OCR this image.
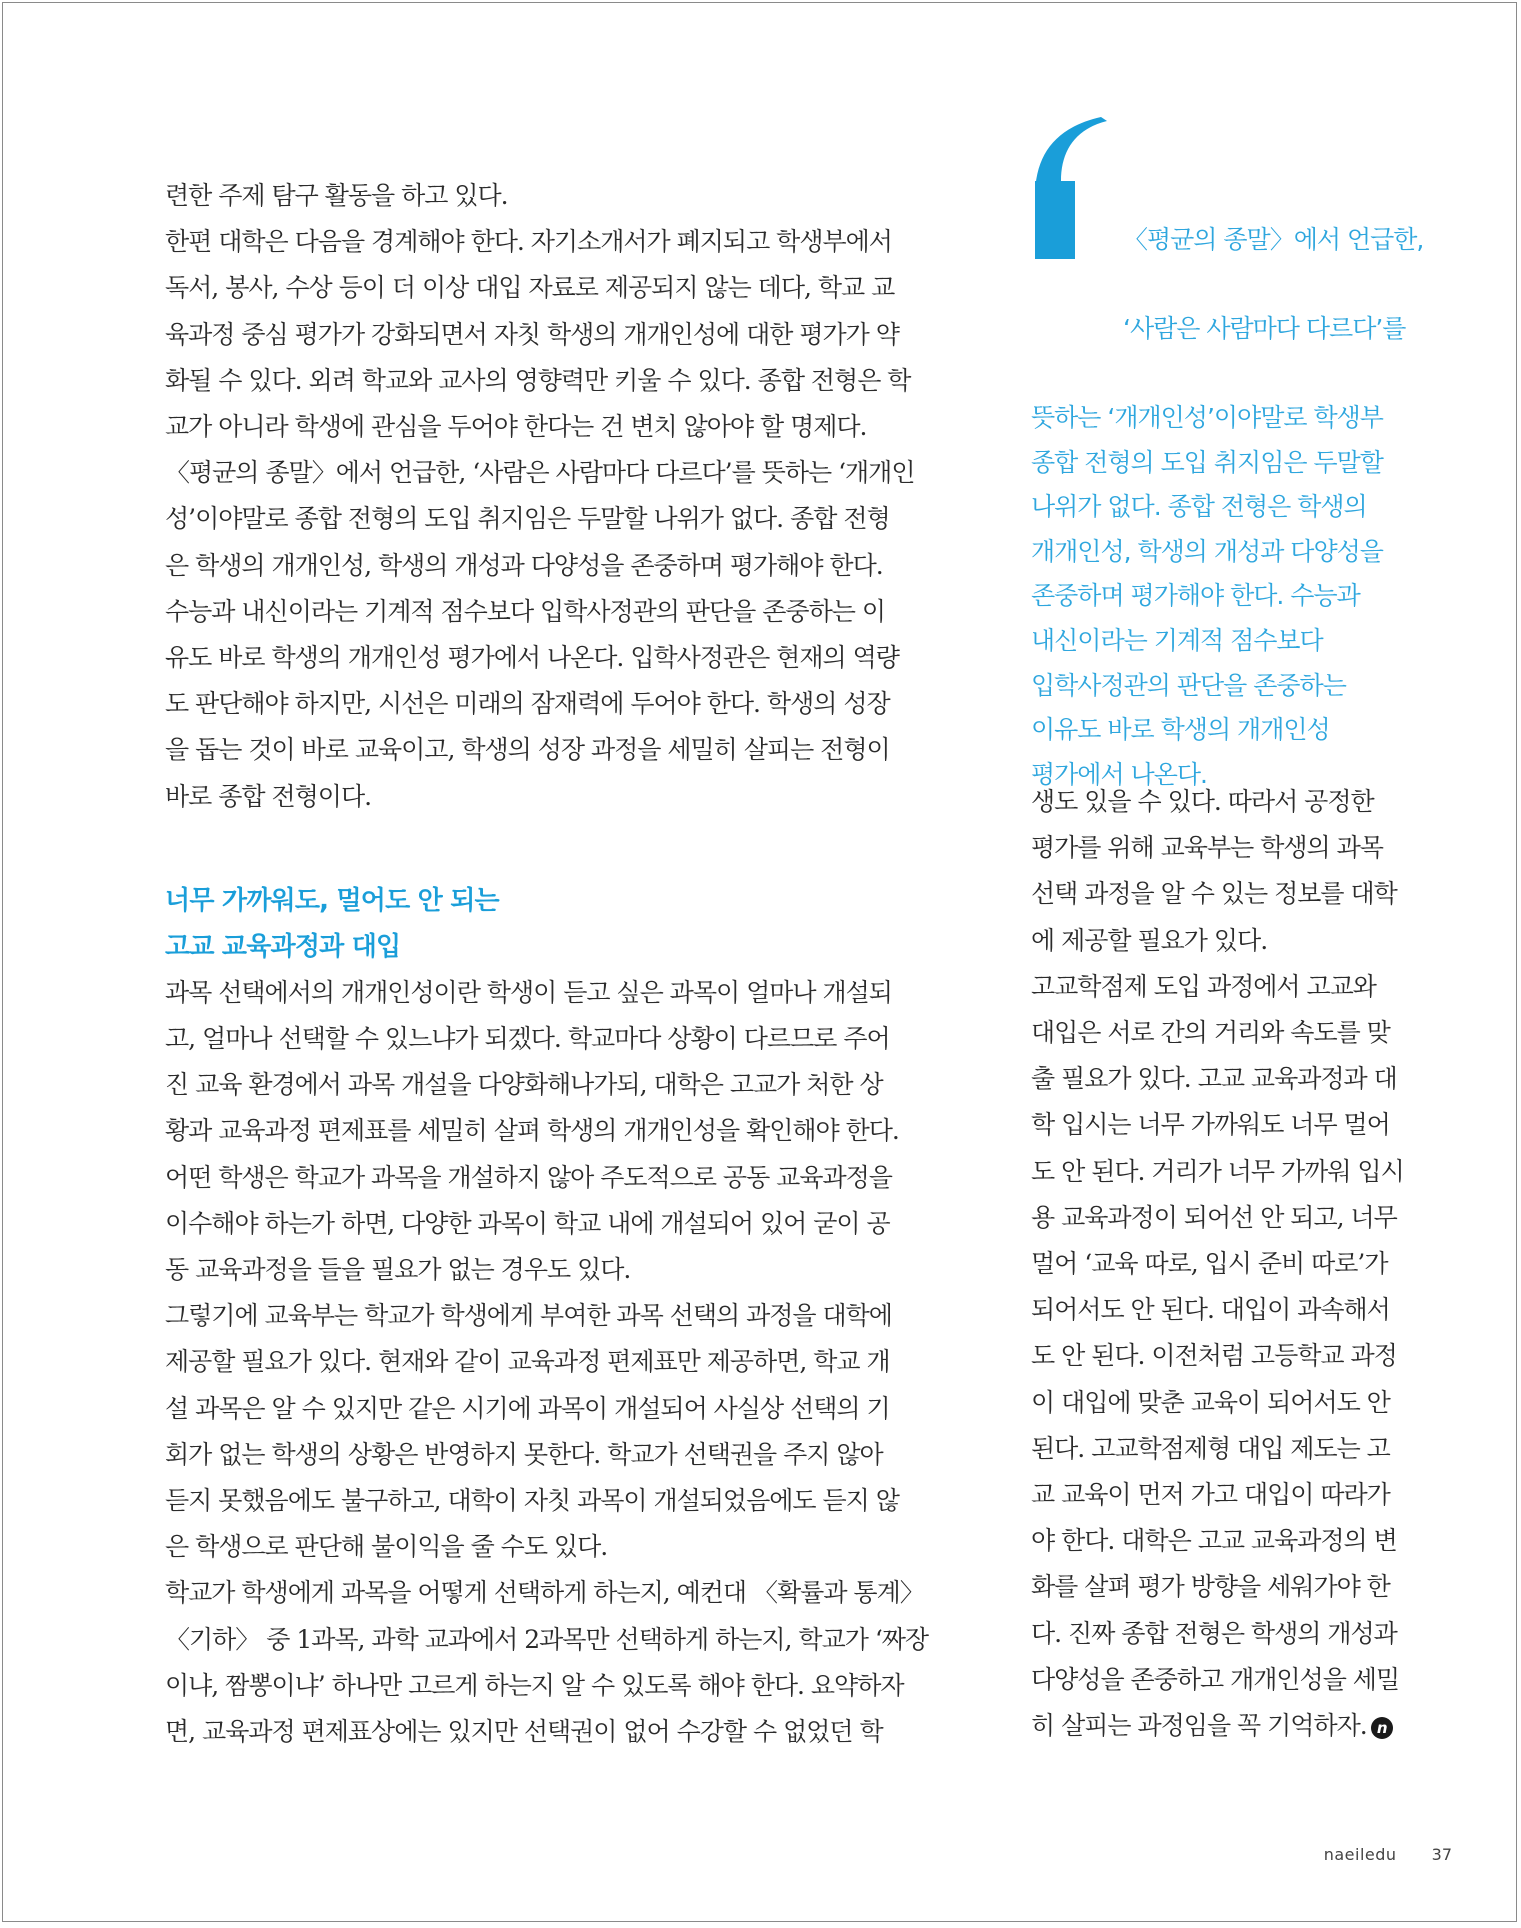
련한 주제 탐구 활동을 하고 있다.

한편 대학은 다음을 경계해야 한다. 자기소개서가 폐지되고 학생부에서
독서, 봉사, 수상 등이 더 이상 대입 자료로 제공되지 않는 데다, 학교 교
육과정 중심 평가가 강화되면서 자칫 학생의 개개인성에 대한 평가가 약
화될 수 있다. 외려 학교와 교사의 영향력만 키울 수 있다. 종합 전형은 학
교가 아니라 학생에 관심을 두어야 한다는 건 변치 않아야 할 명제다.

〈평균의 종말〉에서 언급한, ‘사람은 사람마다 다르다’를 뜻하는 ‘개개인
성’이야말로 종합 전형의 도입 취지임은 두말할 나위가 없다. 종합 전형
은 학생의 개개인성, 학생의 개성과 다양성을 존중하며 평가해야 한다.
수능과 내신이라는 기계적 점수보다 입학사정관의 판단을 존중하는 이
유도 바로 학생의 개개인성 평가에서 나온다. 입학사정관은 현재의 역량
도 판단해야 하지만, 시선은 미래의 잠재력에 두어야 한다. 학생의 성장
을 돕는 것이 바로 교육이고, 학생의 성장 과정을 세밀히 살피는 전형이
바로 종합 전형이다.

너무 가까워도, 멀어도 안 되는
고교 교육과정과 대입

과목 선택에서의 개개인성이란 학생이 듣고 싶은 과목이 얼마나 개설되
고, 얼마나 선택할 수 있느냐가 되겠다. 학교마다 상황이 다르므로 주어
진 교육 환경에서 과목 개설을 다양화해나가되, 대학은 고교가 처한 상
황과 교육과정 편제표를 세밀히 살펴 학생의 개개인성을 확인해야 한다.
어떤 학생은 학교가 과목을 개설하지 않아 주도적으로 공동 교육과정을
이수해야 하는가 하면, 다양한 과목이 학교 내에 개설되어 있어 굳이 공
동 교육과정을 들을 필요가 없는 경우도 있다.

그렇기에 교육부는 학교가 학생에게 부여한 과목 선택의 과정을 대학에
제공할 필요가 있다. 현재와 같이 교육과정 편제표만 제공하면, 학교 개
설 과목은 알 수 있지만 같은 시기에 과목이 개설되어 사실상 선택의 기
회가 없는 학생의 상황은 반영하지 못한다. 학교가 선택권을 주지 않아
듣지 못했음에도 불구하고, 대학이 자칫 과목이 개설되었음에도 듣지 않
은 학생으로 판단해 불이익을 줄 수도 있다.

학교가 학생에게 과목을 어떻게 선택하게 하는지, 예컨대 〈확률과 통계〉
〈기하〉 중 1과목, 과학 교과에서 2과목만 선택하게 하는지, 학교가 ‘짜장
이냐, 짬뽕이냐’ 하나만 고르게 하는지 알 수 있도록 해야 한다. 요약하자
면, 교육과정 편제표상에는 있지만 선택권이 없어 수강할 수 없었던 학

〈평균의 종말〉에서 언급한,

‘사람은 사람마다 다르다’를

뜻하는 ‘개개인성’이야말로 학생부
종합 전형의 도입 취지임은 두말할
나위가 없다. 종합 전형은 학생의
개개인성, 학생의 개성과 다양성을
존중하며 평가해야 한다. 수능과
내신이라는 기계적 점수보다
입학사정관의 판단을 존중하는
이유도 바로 학생의 개개인성
평가에서 나온다.

생도 있을 수 있다. 따라서 공정한
평가를 위해 교육부는 학생의 과목
선택 과정을 알 수 있는 정보를 대학
에 제공할 필요가 있다.

고교학점제 도입 과정에서 고교와
대입은 서로 간의 거리와 속도를 맞
출 필요가 있다. 고교 교육과정과 대
학 입시는 너무 가까워도 너무 멀어
도 안 된다. 거리가 너무 가까워 입시
용 교육과정이 되어선 안 되고, 너무
멀어 ‘교육 따로, 입시 준비 따로’가
되어서도 안 된다. 대입이 과속해서
도 안 된다. 이전처럼 고등학교 과정
이 대입에 맞춘 교육이 되어서도 안
된다. 고교학점제형 대입 제도는 고
교 교육이 먼저 가고 대입이 따라가
야 한다. 대학은 고교 교육과정의 변
화를 살펴 평가 방향을 세워가야 한
다. 진짜 종합 전형은 학생의 개성과
다양성을 존중하고 개개인성을 세밀
히 살피는 과정임을 꼭 기억하자. n

naeiledu 37
